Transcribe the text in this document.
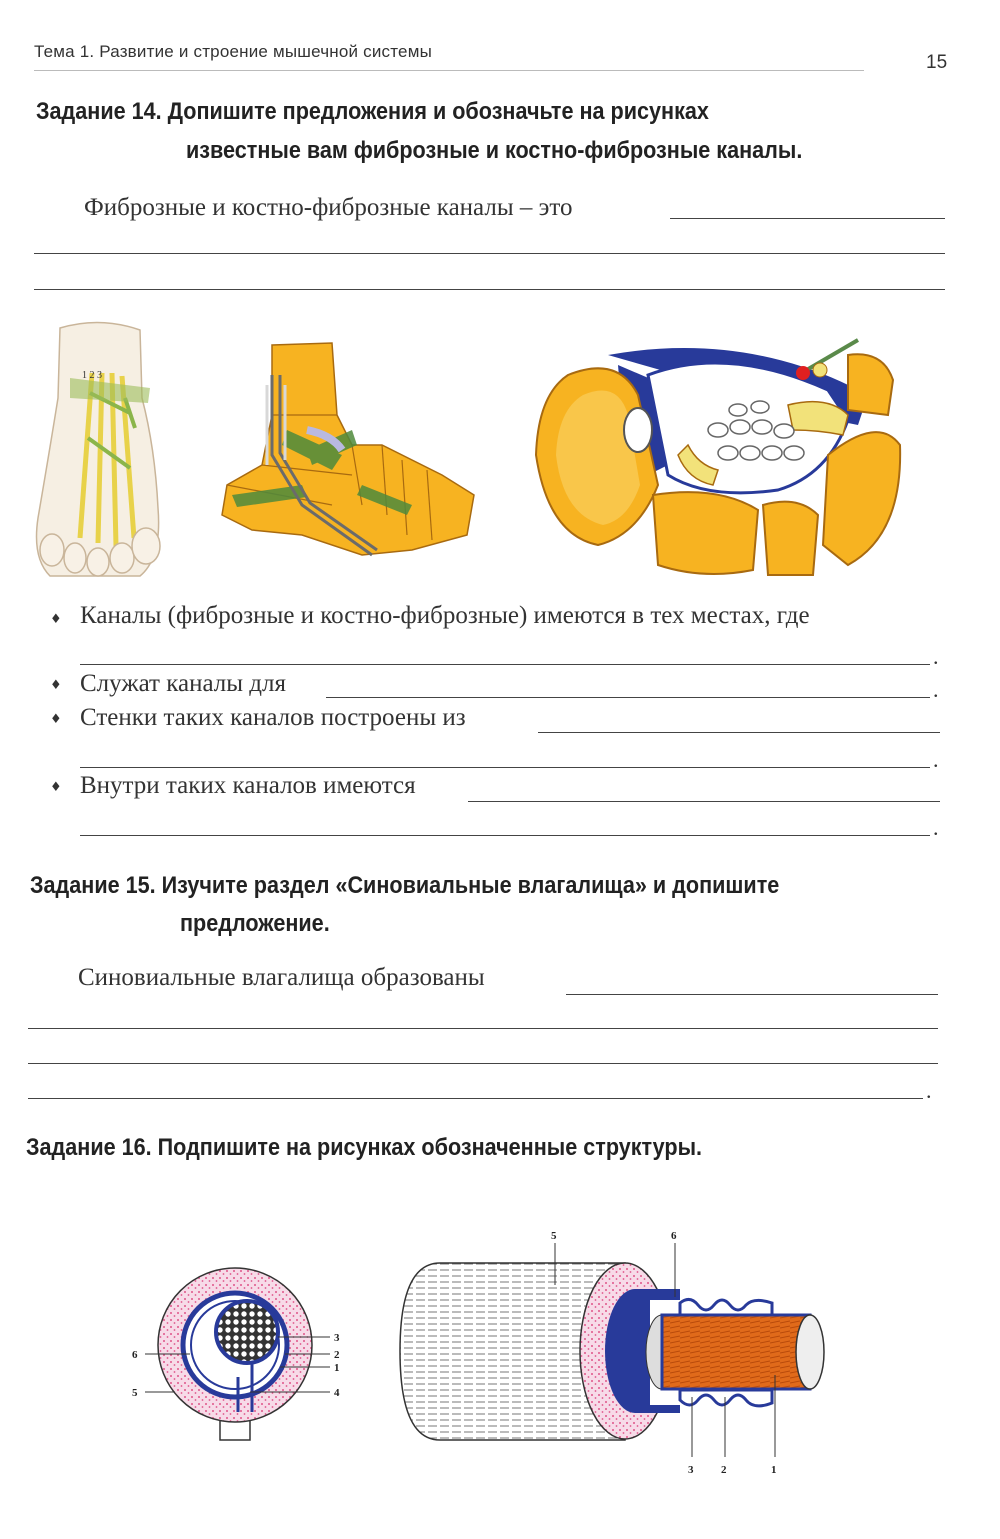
Тема 1. Развитие и строение мышечной системы
15
Задание 14. Допишите предложения и обозначьте на рисунках
известные вам фиброзные и костно-фиброзные каналы.
Фиброзные и костно-фиброзные каналы – это
1 2 3
♦ Каналы (фиброзные и костно-фиброзные) имеются в тех местах, где
.
♦ Служат каналы для	.
♦ Стенки таких каналов построены из
.
♦ Внутри таких каналов имеются
.
Задание 15. Изучите раздел «Синовиальные влагалища» и допишите
предложение.
Синовиальные влагалища образованы
.
Задание 16. Подпишите на рисунках обозначенные структуры.
3
2
1
4
6
5
5	6
3	2	1
